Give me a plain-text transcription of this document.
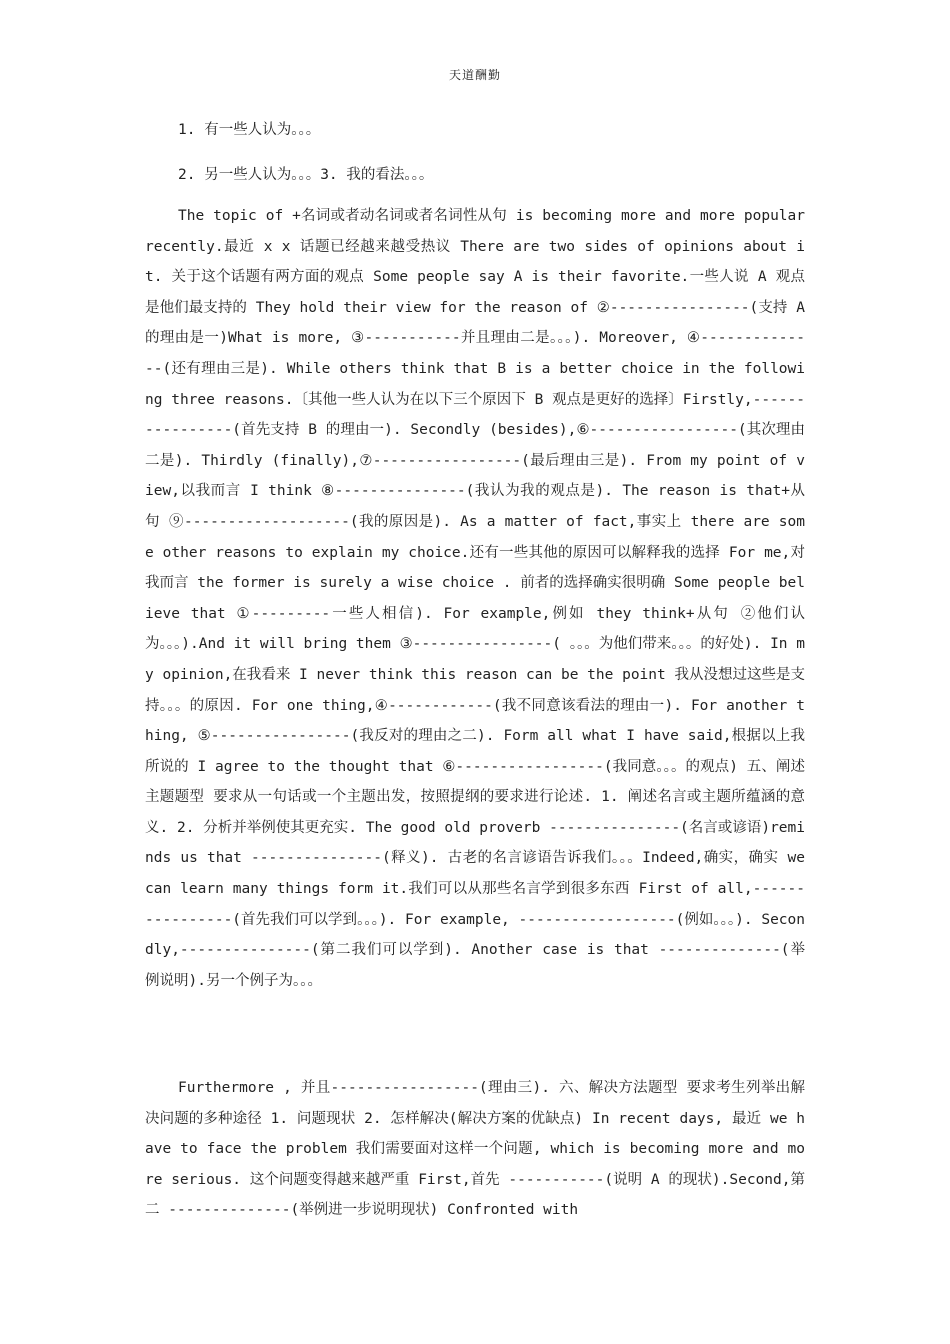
天道酬勤
1. 有一些人认为。。。
2. 另一些人认为。。。3. 我的看法。。。

The topic of +名词或者动名词或者名词性从句 is becoming more and more popular recently.最近 x x 话题已经越来越受热议 There are two sides of opinions about it. 关于这个话题有两方面的观点 Some people say A is their favorite.一些人说 A 观点是他们最支持的 They hold their view for the reason of ②----------------(支持 A 的理由是一)What is more, ③-----------并且理由二是。。。). Moreover, ④--------------(还有理由三是). While others think that B is a better choice in the following three reasons.〔其他一些人认为在以下三个原因下 B 观点是更好的选择〕Firstly,----------------(首先支持 B 的理由一). Secondly (besides),⑥-----------------(其次理由二是). Thirdly (finally),⑦-----------------(最后理由三是). From my point of view,以我而言 I think ⑧---------------(我认为我的观点是). The reason is that+从句 ⑨-------------------(我的原因是). As a matter of fact,事实上 there are some other reasons to explain my choice.还有一些其他的原因可以解释我的选择 For me,对我而言 the former is surely a wise choice . 前者的选择确实很明确 Some people believe that ①---------一些人相信). For example,例如 they think+从句 ②他们认为。。。).And it will bring them ③----------------( 。。。为他们带来。。。的好处). In my opinion,在我看来 I never think this reason can be the point 我从没想过这些是支持。。。的原因. For one thing,④------------(我不同意该看法的理由一). For another thing, ⑤----------------(我反对的理由之二). Form all what I have said,根据以上我所说的 I agree to the thought that ⑥-----------------(我同意。。。的观点) 五、阐述主题题型 要求从一句话或一个主题出发，按照提纲的要求进行论述. 1. 阐述名言或主题所蕴涵的意义. 2. 分析并举例使其更充实. The good old proverb ---------------(名言或谚语)reminds us that ---------------(释义). 古老的名言谚语告诉我们。。。Indeed,确实，确实 we can learn many things form it.我们可以从那些名言学到很多东西 First of all,----------------(首先我们可以学到。。。). For example, ------------------(例如。。。). Secondly,---------------(第二我们可以学到). Another case is that --------------(举例说明).另一个例子为。。。

Furthermore , 并且-----------------(理由三). 六、解决方法题型 要求考生列举出解决问题的多种途径 1. 问题现状 2. 怎样解决(解决方案的优缺点) In recent days, 最近 we have to face the problem 我们需要面对这样一个问题, which is becoming more and more serious. 这个问题变得越来越严重 First,首先 -----------(说明 A 的现状).Second,第二 --------------(举例进一步说明现状) Confronted with
